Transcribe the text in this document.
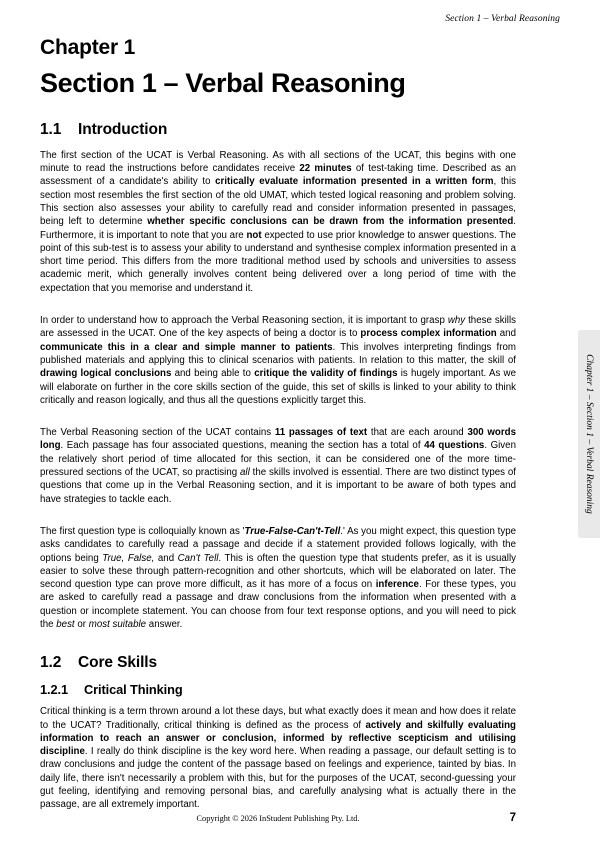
Section 1 – Verbal Reasoning
Chapter 1
Section 1 – Verbal Reasoning
1.1 Introduction

The first section of the UCAT is Verbal Reasoning. As with all sections of the UCAT, this begins with one minute to read the instructions before candidates receive 22 minutes of test-taking time. Described as an assessment of a candidate's ability to critically evaluate information presented in a written form, this section most resembles the first section of the old UMAT, which tested logical reasoning and problem solving. This section also assesses your ability to carefully read and consider information presented in passages, being left to determine whether specific conclusions can be drawn from the information presented. Furthermore, it is important to note that you are not expected to use prior knowledge to answer questions. The point of this sub-test is to assess your ability to understand and synthesise complex information presented in a short time period. This differs from the more traditional method used by schools and universities to assess academic merit, which generally involves content being delivered over a long period of time with the expectation that you memorise and understand it.

In order to understand how to approach the Verbal Reasoning section, it is important to grasp why these skills are assessed in the UCAT. One of the key aspects of being a doctor is to process complex information and communicate this in a clear and simple manner to patients. This involves interpreting findings from published materials and applying this to clinical scenarios with patients. In relation to this matter, the skill of drawing logical conclusions and being able to critique the validity of findings is hugely important. As we will elaborate on further in the core skills section of the guide, this set of skills is linked to your ability to think critically and reason logically, and thus all the questions explicitly target this.

The Verbal Reasoning section of the UCAT contains 11 passages of text that are each around 300 words long. Each passage has four associated questions, meaning the section has a total of 44 questions. Given the relatively short period of time allocated for this section, it can be considered one of the more time-pressured sections of the UCAT, so practising all the skills involved is essential. There are two distinct types of questions that come up in the Verbal Reasoning section, and it is important to be aware of both types and have strategies to tackle each.

The first question type is colloquially known as 'True-False-Can't-Tell.' As you might expect, this question type asks candidates to carefully read a passage and decide if a statement provided follows logically, with the options being True, False, and Can't Tell. This is often the question type that students prefer, as it is usually easier to solve these through pattern-recognition and other shortcuts, which will be elaborated on later. The second question type can prove more difficult, as it has more of a focus on inference. For these types, you are asked to carefully read a passage and draw conclusions from the information when presented with a question or incomplete statement. You can choose from four text response options, and you will need to pick the best or most suitable answer.

1.2 Core Skills
1.2.1 Critical Thinking

Critical thinking is a term thrown around a lot these days, but what exactly does it mean and how does it relate to the UCAT? Traditionally, critical thinking is defined as the process of actively and skilfully evaluating information to reach an answer or conclusion, informed by reflective scepticism and utilising discipline. I really do think discipline is the key word here. When reading a passage, our default setting is to draw conclusions and judge the content of the passage based on feelings and experience, tainted by bias. In daily life, there isn't necessarily a problem with this, but for the purposes of the UCAT, second-guessing your gut feeling, identifying and removing personal bias, and carefully analysing what is actually there in the passage, are all extremely important.

Chapter 1 – Section 1 – Verbal Reasoning
Copyright © 2026 InStudent Publishing Pty. Ltd.	7
